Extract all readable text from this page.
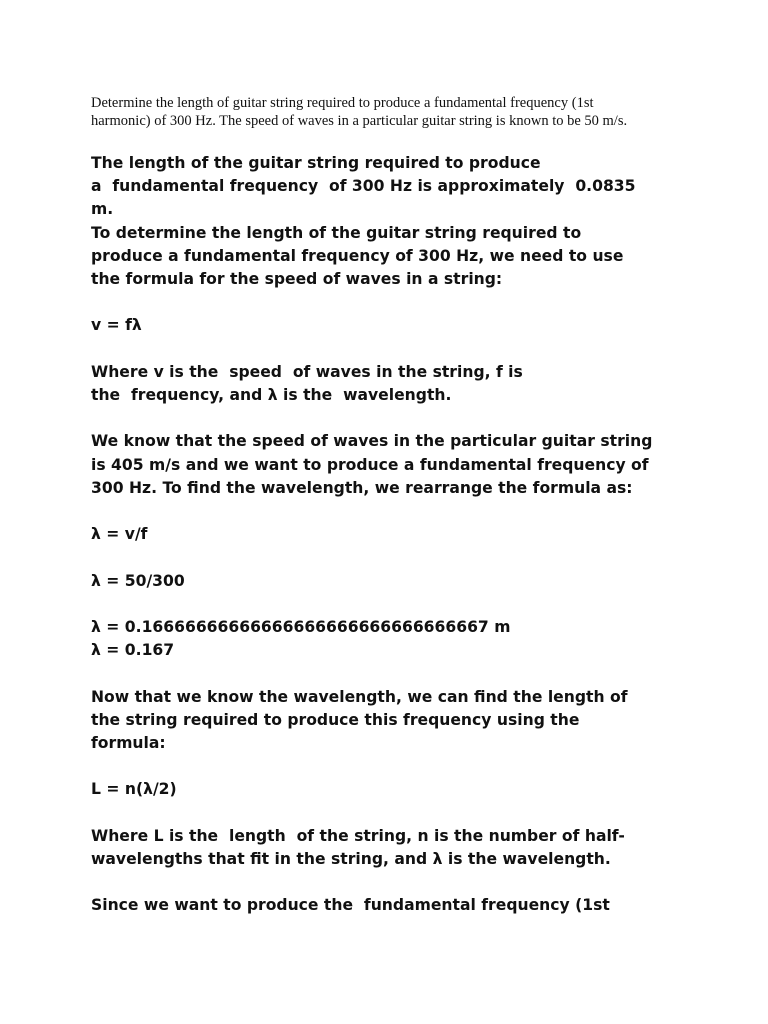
Determine the length of guitar string required to produce a fundamental frequency (1st
harmonic) of 300 Hz. The speed of waves in a particular guitar string is known to be 50 m/s.

The length of the guitar string required to produce

a  fundamental frequency  of 300 Hz is approximately  0.0835

m.

To determine the length of the guitar string required to

produce a fundamental frequency of 300 Hz, we need to use

the formula for the speed of waves in a string:

v = fλ

Where v is the  speed  of waves in the string, f is

the  frequency, and λ is the  wavelength.

We know that the speed of waves in the particular guitar string

is 405 m/s and we want to produce a fundamental frequency of

300 Hz. To find the wavelength, we rearrange the formula as:

λ = v/f

λ = 50/300

λ = 0.16666666666666666666666666666667 m

λ = 0.167

Now that we know the wavelength, we can find the length of

the string required to produce this frequency using the

formula:

L = n(λ/2)

Where L is the  length  of the string, n is the number of half-

wavelengths that fit in the string, and λ is the wavelength.

Since we want to produce the  fundamental frequency (1st
